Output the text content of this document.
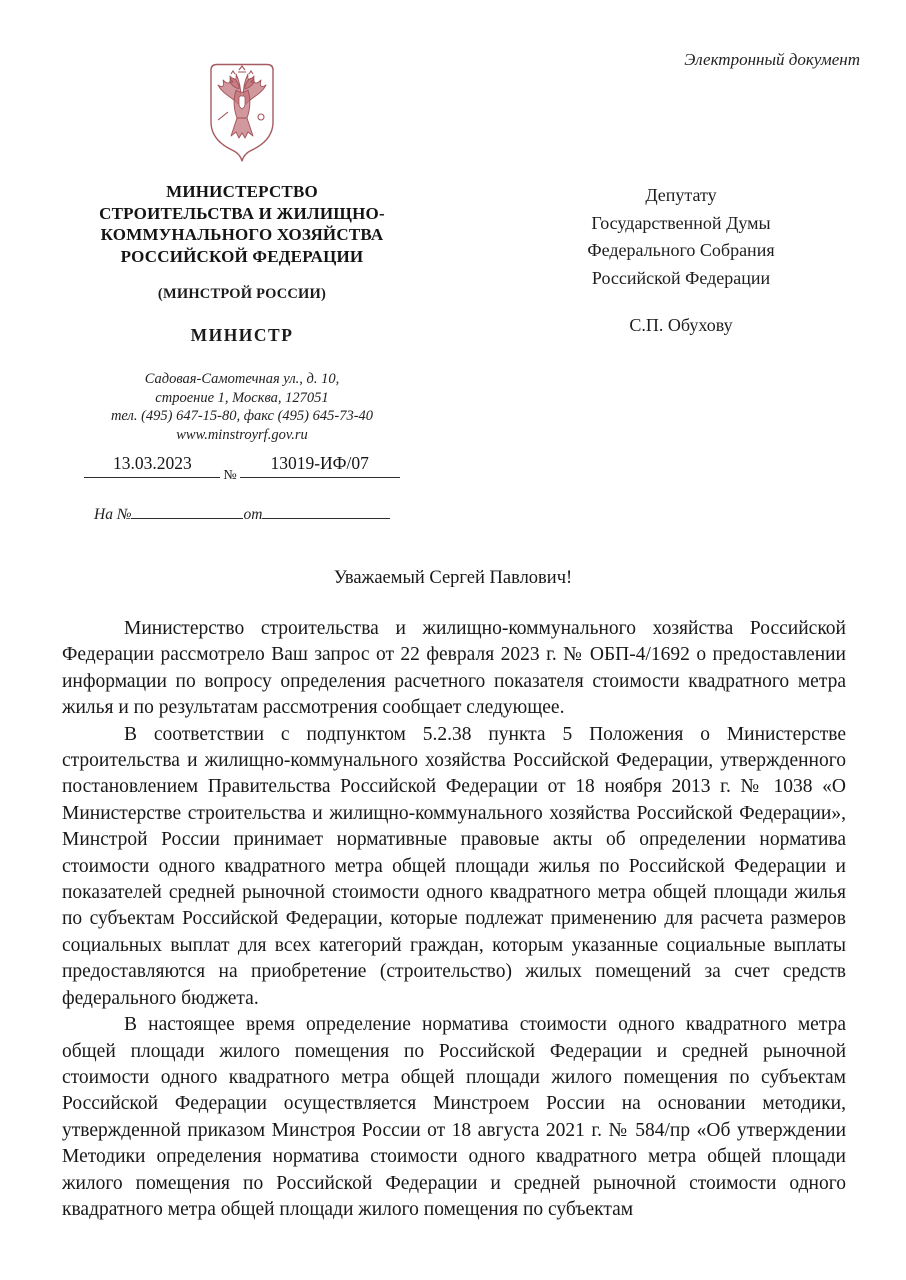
Электронный документ
МИНИСТЕРСТВО
СТРОИТЕЛЬСТВА И ЖИЛИЩНО-
КОММУНАЛЬНОГО ХОЗЯЙСТВА
РОССИЙСКОЙ ФЕДЕРАЦИИ
(МИНСТРОЙ РОССИИ)
МИНИСТР
Садовая-Самотечная ул., д. 10,
строение 1, Москва, 127051
тел. (495) 647-15-80, факс (495) 645-73-40
www.minstroyrf.gov.ru
13.03.2023
№
13019-ИФ/07
На №	от
Депутату
Государственной Думы
Федерального Собрания
Российской Федерации
С.П. Обухову
Уважаемый Сергей Павлович!

Министерство строительства и жилищно-коммунального хозяйства Российской Федерации рассмотрело Ваш запрос от 22 февраля 2023 г. № ОБП-4/1692 о предоставлении информации по вопросу определения расчетного показателя стоимости квадратного метра жилья и по результатам рассмотрения сообщает следующее.

В соответствии с подпунктом 5.2.38 пункта 5 Положения о Министерстве строительства и жилищно-коммунального хозяйства Российской Федерации, утвержденного постановлением Правительства Российской Федерации от 18 ноября 2013 г. № 1038 «О Министерстве строительства и жилищно-коммунального хозяйства Российской Федерации», Минстрой России принимает нормативные правовые акты об определении норматива стоимости одного квадратного метра общей площади жилья по Российской Федерации и показателей средней рыночной стоимости одного квадратного метра общей площади жилья по субъектам Российской Федерации, которые подлежат применению для расчета размеров социальных выплат для всех категорий граждан, которым указанные социальные выплаты предоставляются на приобретение (строительство) жилых помещений за счет средств федерального бюджета.

В настоящее время определение норматива стоимости одного квадратного метра общей площади жилого помещения по Российской Федерации и средней рыночной стоимости одного квадратного метра общей площади жилого помещения по субъектам Российской Федерации осуществляется Минстроем России на основании методики, утвержденной приказом Минстроя России от 18 августа 2021 г. № 584/пр «Об утверждении Методики определения норматива стоимости одного квадратного метра общей площади жилого помещения по Российской Федерации и средней рыночной стоимости одного квадратного метра общей площади жилого помещения по субъектам
